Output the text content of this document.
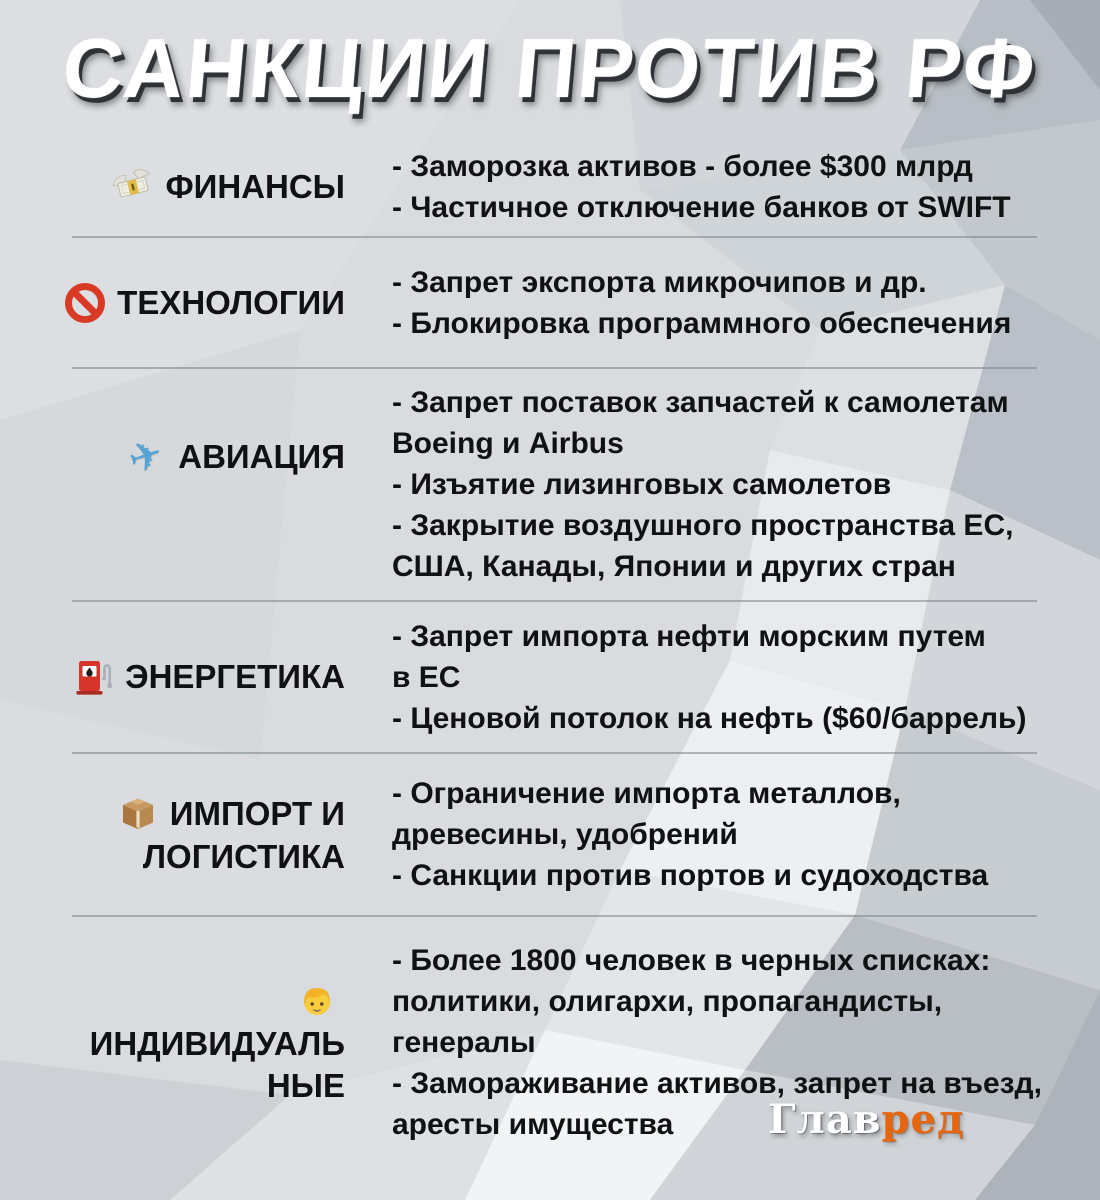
САНКЦИИ ПРОТИВ РФ
ФИНАНСЫ
- Заморозка активов - более $300 млрд
- Частичное отключение банков от SWIFT
ТЕХНОЛОГИИ
- Запрет экспорта микрочипов и др.
- Блокировка программного обеспечения
✈ АВИАЦИЯ
- Запрет поставок запчастей к самолетам
Boeing и Airbus
- Изъятие лизинговых самолетов
- Закрытие воздушного пространства ЕС,
США, Канады, Японии и других стран
ЭНЕРГЕТИКА
- Запрет импорта нефти морским путем
в ЕС
- Ценовой потолок на нефть ($60/баррель)
ИМПОРТ И
ЛОГИСТИКА
- Ограничение импорта металлов,
древесины, удобрений
- Санкции против портов и судоходства
ИНДИВИДУАЛЬ
НЫЕ
- Более 1800 человек в черных списках:
политики, олигархи, пропагандисты,
генералы
- Замораживание активов, запрет на въезд,
аресты имущества	Главред
